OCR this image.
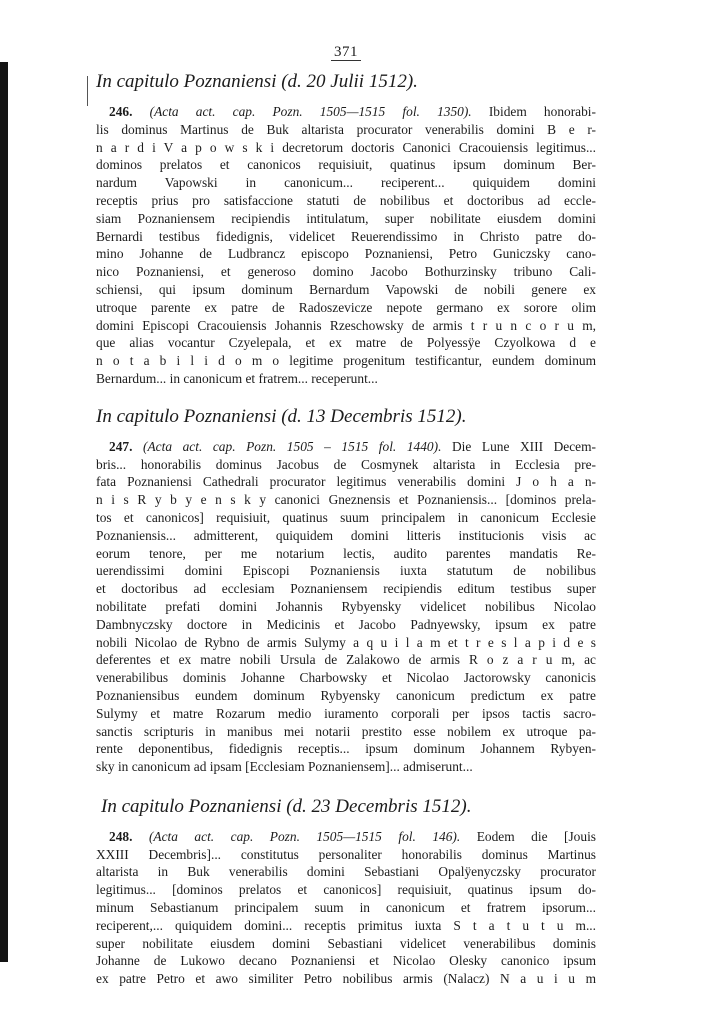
371
In capitulo Poznaniensi (d. 20 Julii 1512).
246. (Acta act. cap. Pozn. 1505—1515 fol. 1350). Ibidem honorabi-
lis dominus Martinus de Buk altarista procurator venerabilis domini B e r-
n a r d i V a p o w s k i decretorum doctoris Canonici Cracouiensis legitimus...
dominos prelatos et canonicos requisiuit, quatinus ipsum dominum Ber-
nardum Vapowski in canonicum... reciperent... quiquidem domini
receptis prius pro satisfaccione statuti de nobilibus et doctoribus ad eccle-
siam Poznaniensem recipiendis intitulatum, super nobilitate eiusdem domini
Bernardi testibus fidedignis, videlicet Reuerendissimo in Christo patre do-
mino Johanne de Ludbrancz episcopo Poznaniensi, Petro Guniczsky cano-
nico Poznaniensi, et generoso domino Jacobo Bothurzinsky tribuno Cali-
schiensi, qui ipsum dominum Bernardum Vapowski de nobili genere ex
utroque parente ex patre de Radoszevicze nepote germano ex sorore olim
domini Episcopi Cracouiensis Johannis Rzeschowsky de armis t r u n c o r u m,
que alias vocantur Czyelepala, et ex matre de Polyessÿe Czyolkowa d e
n o t a b i l i d o m o legitime progenitum testificantur, eundem dominum
Bernardum... in canonicum et fratrem... receperunt...
In capitulo Poznaniensi (d. 13 Decembris 1512).
247. (Acta act. cap. Pozn. 1505 – 1515 fol. 1440). Die Lune XIII Decem-
bris... honorabilis dominus Jacobus de Cosmynek altarista in Ecclesia pre-
fata Poznaniensi Cathedrali procurator legitimus venerabilis domini J o h a n-
n i s R y b y e n s k y canonici Gneznensis et Poznaniensis... [dominos prela-
tos et canonicos] requisiuit, quatinus suum principalem in canonicum Ecclesie
Poznaniensis... admitterent, quiquidem domini litteris institucionis visis ac
eorum tenore, per me notarium lectis, audito parentes mandatis Re-
uerendissimi domini Episcopi Poznaniensis iuxta statutum de nobilibus
et doctoribus ad ecclesiam Poznaniensem recipiendis editum testibus super
nobilitate prefati domini Johannis Rybyensky videlicet nobilibus Nicolao
Dambnyczsky doctore in Medicinis et Jacobo Padnyewsky, ipsum ex patre
nobili Nicolao de Rybno de armis Sulymy a q u i l a m et t r e s l a p i d e s
deferentes et ex matre nobili Ursula de Zalakowo de armis R o z a r u m, ac
venerabilibus dominis Johanne Charbowsky et Nicolao Jactorowsky canonicis
Poznaniensibus eundem dominum Rybyensky canonicum predictum ex patre
Sulymy et matre Rozarum medio iuramento corporali per ipsos tactis sacro-
sanctis scripturis in manibus mei notarii prestito esse nobilem ex utroque pa-
rente deponentibus, fidedignis receptis... ipsum dominum Johannem Rybyen-
sky in canonicum ad ipsam [Ecclesiam Poznaniensem]... admiserunt...
In capitulo Poznaniensi (d. 23 Decembris 1512).
248. (Acta act. cap. Pozn. 1505—1515 fol. 146). Eodem die [Jouis
XXIII Decembris]... constitutus personaliter honorabilis dominus Martinus
altarista in Buk venerabilis domini Sebastiani Opalÿenyczsky procurator
legitimus... [dominos prelatos et canonicos] requisiuit, quatinus ipsum do-
minum Sebastianum principalem suum in canonicum et fratrem ipsorum...
reciperent,... quiquidem domini... receptis primitus iuxta S t a t u t u m...
super nobilitate eiusdem domini Sebastiani videlicet venerabilibus dominis
Johanne de Lukowo decano Poznaniensi et Nicolao Olesky canonico ipsum
ex patre Petro et awo similiter Petro nobilibus armis (Nalacz) N a u i u m
